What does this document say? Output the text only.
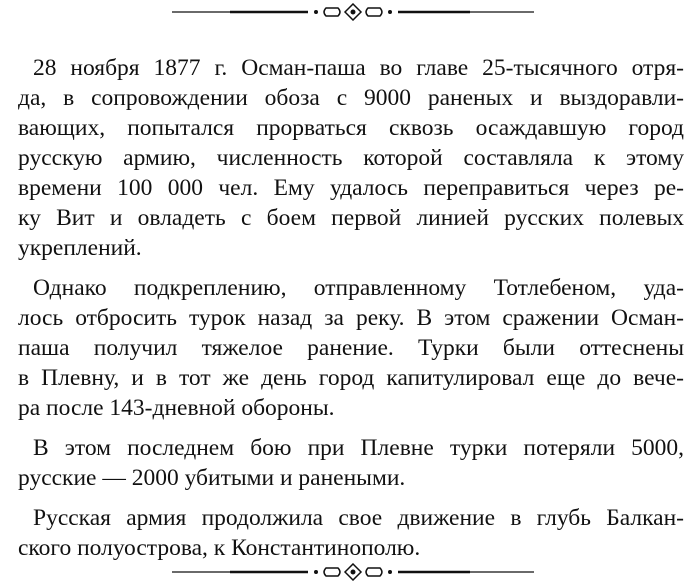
28 ноября 1877 г. Осман-паша во главе 25-тысячного отря-
да, в сопровождении обоза с 9000 раненых и выздоравли-
вающих, попытался прорваться сквозь осаждавшую город
русскую армию, численность которой составляла к этому
времени 100 000 чел. Ему удалось переправиться через ре-
ку Вит и овладеть с боем первой линией русских полевых
укреплений.
Однако подкреплению, отправленному Тотлебеном, уда-
лось отбросить турок назад за реку. В этом сражении Осман-
паша получил тяжелое ранение. Турки были оттеснены
в Плевну, и в тот же день город капитулировал еще до вече-
ра после 143-дневной обороны.
В этом последнем бою при Плевне турки потеряли 5000,
русские — 2000 убитыми и ранеными.
Русская армия продолжила свое движение в глубь Балкан-
ского полуострова, к Константинополю.
